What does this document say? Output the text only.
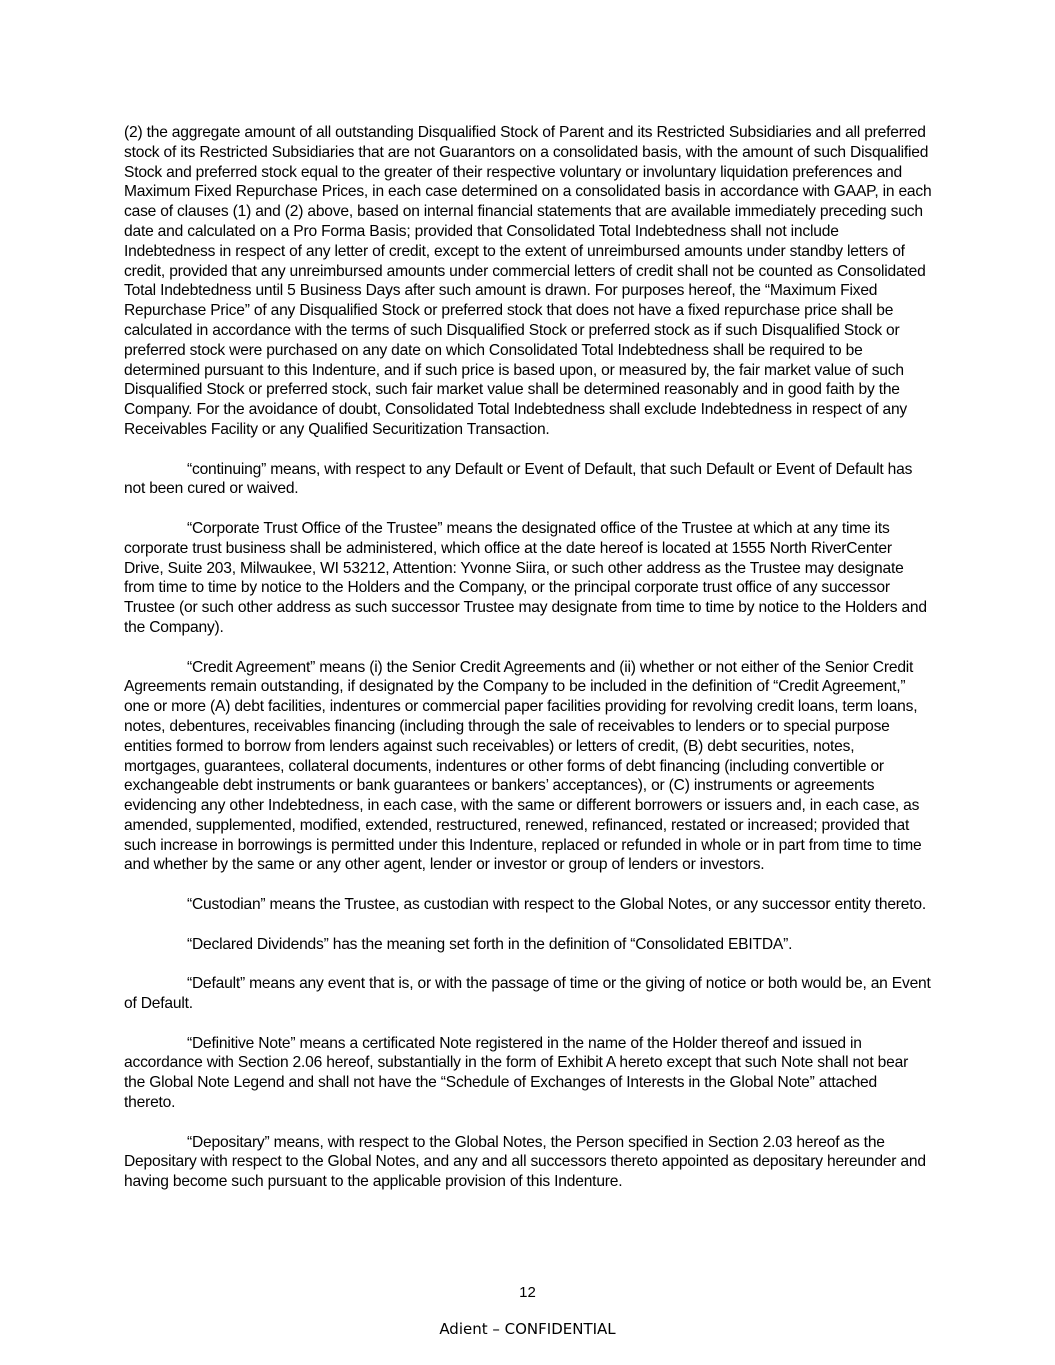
(2) the aggregate amount of all outstanding Disqualified Stock of Parent and its Restricted Subsidiaries and all preferred stock of its Restricted Subsidiaries that are not Guarantors on a consolidated basis, with the amount of such Disqualified Stock and preferred stock equal to the greater of their respective voluntary or involuntary liquidation preferences and Maximum Fixed Repurchase Prices, in each case determined on a consolidated basis in accordance with GAAP, in each case of clauses (1) and (2) above, based on internal financial statements that are available immediately preceding such date and calculated on a Pro Forma Basis; provided that Consolidated Total Indebtedness shall not include Indebtedness in respect of any letter of credit, except to the extent of unreimbursed amounts under standby letters of credit, provided that any unreimbursed amounts under commercial letters of credit shall not be counted as Consolidated Total Indebtedness until 5 Business Days after such amount is drawn. For purposes hereof, the “Maximum Fixed Repurchase Price” of any Disqualified Stock or preferred stock that does not have a fixed repurchase price shall be calculated in accordance with the terms of such Disqualified Stock or preferred stock as if such Disqualified Stock or preferred stock were purchased on any date on which Consolidated Total Indebtedness shall be required to be determined pursuant to this Indenture, and if such price is based upon, or measured by, the fair market value of such Disqualified Stock or preferred stock, such fair market value shall be determined reasonably and in good faith by the Company. For the avoidance of doubt, Consolidated Total Indebtedness shall exclude Indebtedness in respect of any Receivables Facility or any Qualified Securitization Transaction.

“continuing” means, with respect to any Default or Event of Default, that such Default or Event of Default has not been cured or waived.

“Corporate Trust Office of the Trustee” means the designated office of the Trustee at which at any time its corporate trust business shall be administered, which office at the date hereof is located at 1555 North RiverCenter Drive, Suite 203, Milwaukee, WI 53212, Attention: Yvonne Siira, or such other address as the Trustee may designate from time to time by notice to the Holders and the Company, or the principal corporate trust office of any successor Trustee (or such other address as such successor Trustee may designate from time to time by notice to the Holders and the Company).

“Credit Agreement” means (i) the Senior Credit Agreements and (ii) whether or not either of the Senior Credit Agreements remain outstanding, if designated by the Company to be included in the definition of “Credit Agreement,” one or more (A) debt facilities, indentures or commercial paper facilities providing for revolving credit loans, term loans, notes, debentures, receivables financing (including through the sale of receivables to lenders or to special purpose entities formed to borrow from lenders against such receivables) or letters of credit, (B) debt securities, notes, mortgages, guarantees, collateral documents, indentures or other forms of debt financing (including convertible or exchangeable debt instruments or bank guarantees or bankers’ acceptances), or (C) instruments or agreements evidencing any other Indebtedness, in each case, with the same or different borrowers or issuers and, in each case, as amended, supplemented, modified, extended, restructured, renewed, refinanced, restated or increased; provided that such increase in borrowings is permitted under this Indenture, replaced or refunded in whole or in part from time to time and whether by the same or any other agent, lender or investor or group of lenders or investors.

“Custodian” means the Trustee, as custodian with respect to the Global Notes, or any successor entity thereto.

“Declared Dividends” has the meaning set forth in the definition of “Consolidated EBITDA”.

“Default” means any event that is, or with the passage of time or the giving of notice or both would be, an Event of Default.

“Definitive Note” means a certificated Note registered in the name of the Holder thereof and issued in accordance with Section 2.06 hereof, substantially in the form of Exhibit A hereto except that such Note shall not bear the Global Note Legend and shall not have the “Schedule of Exchanges of Interests in the Global Note” attached thereto.

“Depositary” means, with respect to the Global Notes, the Person specified in Section 2.03 hereof as the Depositary with respect to the Global Notes, and any and all successors thereto appointed as depositary hereunder and having become such pursuant to the applicable provision of this Indenture.

12
Adient – CONFIDENTIAL
